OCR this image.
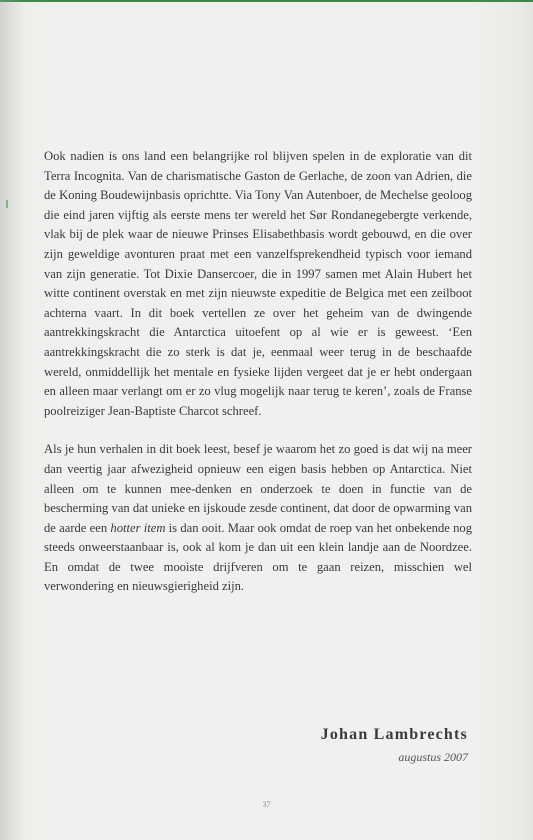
Ook nadien is ons land een belangrijke rol blijven spelen in de exploratie van dit Terra Incognita. Van de charismatische Gaston de Gerlache, de zoon van Adrien, die de Koning Boudewijnbasis oprichtte. Via Tony Van Autenboer, de Mechelse geoloog die eind jaren vijftig als eerste mens ter wereld het Sør Rondanegebergte verkende, vlak bij de plek waar de nieuwe Prinses Elisabethbasis wordt gebouwd, en die over zijn geweldige avonturen praat met een vanzelfsprekendheid typisch voor iemand van zijn generatie. Tot Dixie Dansercoer, die in 1997 samen met Alain Hubert het witte continent overstak en met zijn nieuwste expeditie de Belgica met een zeilboot achterna vaart. In dit boek vertellen ze over het geheim van de dwingende aantrekkingskracht die Antarctica uitoefent op al wie er is geweest. ‘Een aantrekkingskracht die zo sterk is dat je, eenmaal weer terug in de beschaafde wereld, onmiddellijk het mentale en fysieke lijden vergeet dat je er hebt ondergaan en alleen maar verlangt om er zo vlug mogelijk naar terug te keren’, zoals de Franse poolreiziger Jean-Baptiste Charcot schreef.

Als je hun verhalen in dit boek leest, besef je waarom het zo goed is dat wij na meer dan veertig jaar afwezigheid opnieuw een eigen basis hebben op Antarctica. Niet alleen om te kunnen mee-denken en onderzoek te doen in functie van de bescherming van dat unieke en ijskoude zesde continent, dat door de opwarming van de aarde een hotter item is dan ooit. Maar ook omdat de roep van het onbekende nog steeds onweerstaanbaar is, ook al kom je dan uit een klein landje aan de Noordzee. En omdat de twee mooiste drijfveren om te gaan reizen, misschien wel verwondering en nieuwsgierigheid zijn.

Johan Lambrechts
augustus 2007
37
